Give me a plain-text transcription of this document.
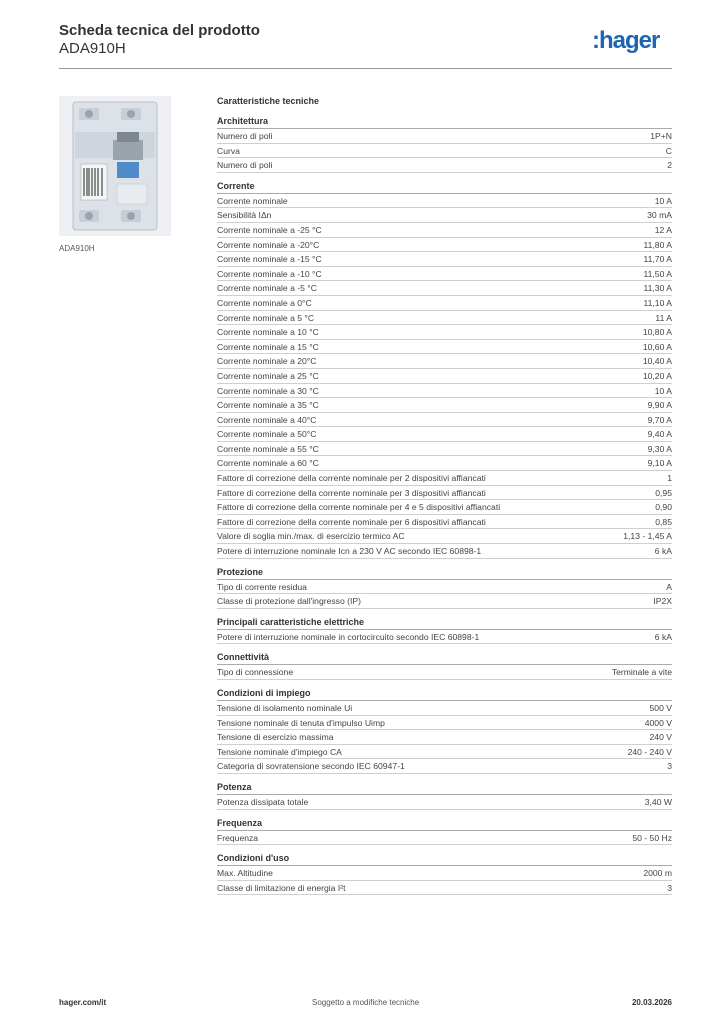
Scheda tecnica del prodotto
ADA910H	:hager
ADA910H
Caratteristiche tecniche
Architettura
Numero di poli	1P+N
Curva	C
Numero di poli	2
Corrente
Corrente nominale	10 A
Sensibilità IΔn	30 mA
Corrente nominale a -25 °C	12 A
Corrente nominale a -20°C	11,80 A
Corrente nominale a -15 °C	11,70 A
Corrente nominale a -10 °C	11,50 A
Corrente nominale a -5 °C	11,30 A
Corrente nominale a 0°C	11,10 A
Corrente nominale a 5 °C	11 A
Corrente nominale a 10 °C	10,80 A
Corrente nominale a 15 °C	10,60 A
Corrente nominale a 20°C	10,40 A
Corrente nominale a 25 °C	10,20 A
Corrente nominale a 30 °C	10 A
Corrente nominale a 35 °C	9,90 A
Corrente nominale a 40°C	9,70 A
Corrente nominale a 50°C	9,40 A
Corrente nominale a 55 °C	9,30 A
Corrente nominale a 60 °C	9,10 A
Fattore di correzione della corrente nominale per 2 dispositivi affiancati	1
Fattore di correzione della corrente nominale per 3 dispositivi affiancati	0,95
Fattore di correzione della corrente nominale per 4 e 5 dispositivi affiancati	0,90
Fattore di correzione della corrente nominale per 6 dispositivi affiancati	0,85
Valore di soglia min./max. di esercizio termico AC	1,13 - 1,45 A
Potere di interruzione nominale Icn a 230 V AC secondo IEC 60898-1	6 kA
Protezione
Tipo di corrente residua	A
Classe di protezione dall'ingresso (IP)	IP2X
Principali caratteristiche elettriche
Potere di interruzione nominale in cortocircuito secondo IEC 60898-1	6 kA
Connettività
Tipo di connessione	Terminale a vite
Condizioni di impiego
Tensione di isolamento nominale Ui	500 V
Tensione nominale di tenuta d'impulso Uimp	4000 V
Tensione di esercizio massima	240 V
Tensione nominale d'impiego CA	240 - 240 V
Categoria di sovratensione secondo IEC 60947-1	3
Potenza
Potenza dissipata totale	3,40 W
Frequenza
Frequenza	50 - 50 Hz
Condizioni d'uso
Max. Altitudine	2000 m
Classe di limitazione di energia I²t	3
hager.com/it	Soggetto a modifiche tecniche	20.03.2026
